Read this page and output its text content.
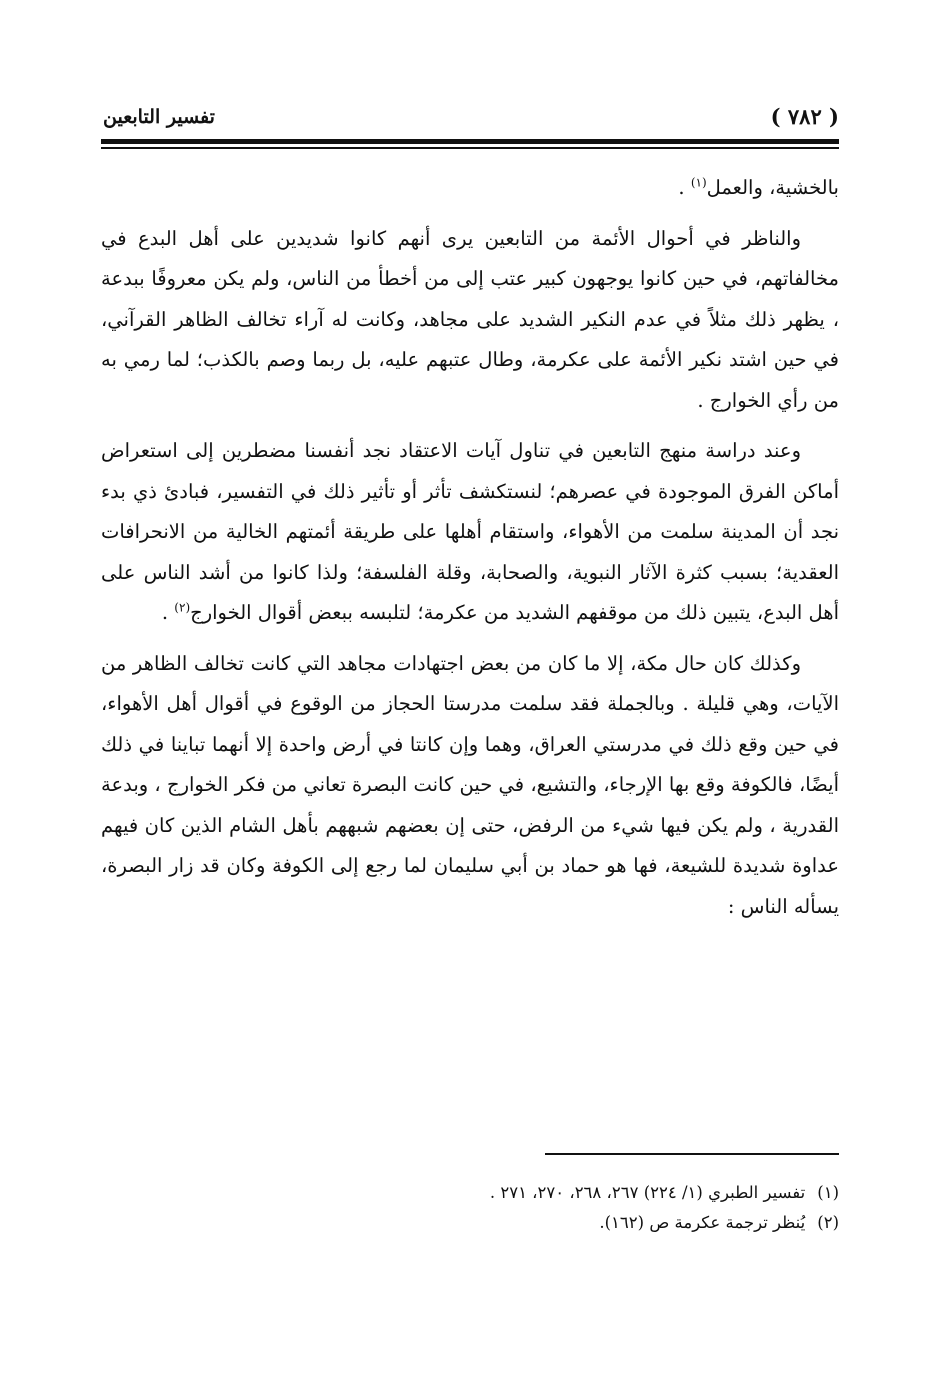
( ٧٨٢ )
تفسير التابعين

بالخشية، والعمل$^{(١)}$ .

والناظر في أحوال الأئمة من التابعين يرى أنهم كانوا شديدين على أهل البدع في مخالفاتهم، في حين كانوا يوجهون كبير عتب إلى من أخطأ من الناس، ولم يكن معروفًا ببدعة ، يظهر ذلك مثلاً في عدم النكير الشديد على مجاهد، وكانت له آراء تخالف الظاهر القرآني، في حين اشتد نكير الأئمة على عكرمة، وطال عتبهم عليه، بل ربما وصم بالكذب؛ لما رمي به من رأي الخوارج .

وعند دراسة منهج التابعين في تناول آيات الاعتقاد نجد أنفسنا مضطرين إلى استعراض أماكن الفرق الموجودة في عصرهم؛ لنستكشف تأثر أو تأثير ذلك في التفسير، فبادئ ذي بدء نجد أن المدينة سلمت من الأهواء، واستقام أهلها على طريقة أئمتهم الخالية من الانحرافات العقدية؛ بسبب كثرة الآثار النبوية، والصحابة، وقلة الفلسفة؛ ولذا كانوا من أشد الناس على أهل البدع، يتبين ذلك من موقفهم الشديد من عكرمة؛ لتلبسه ببعض أقوال الخوارج$^{(٢)}$ .

وكذلك كان حال مكة، إلا ما كان من بعض اجتهادات مجاهد التي كانت تخالف الظاهر من الآيات، وهي قليلة . وبالجملة فقد سلمت مدرستا الحجاز من الوقوع في أقوال أهل الأهواء، في حين وقع ذلك في مدرستي العراق، وهما وإن كانتا في أرض واحدة إلا أنهما تباينا في ذلك أيضًا، فالكوفة وقع بها الإرجاء، والتشيع، في حين كانت البصرة تعاني من فكر الخوارج ، وبدعة القدرية ، ولم يكن فيها شيء من الرفض، حتى إن بعضهم شبههم بأهل الشام الذين كان فيهم عداوة شديدة للشيعة، فها هو حماد بن أبي سليمان لما رجع إلى الكوفة وكان قد زار البصرة، يسأله الناس :

(١)تفسير الطبري (١/ ٢٢٤) ٢٦٧، ٢٦٨، ٢٧٠، ٢٧١ .
(٢)يُنظر ترجمة عكرمة ص (١٦٢).
